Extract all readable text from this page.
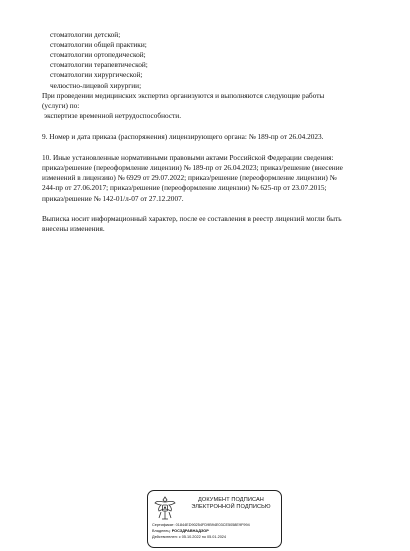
стоматологии детской;
стоматологии общей практики;
стоматологии ортопедической;
стоматологии терапевтической;
стоматологии хирургической;
челюстно-лицевой хирургии;
При проведении медицинских экспертиз организуются и выполняются следующие работы
(услуги) по:
экспертизе временной нетрудоспособности.
9. Номер и дата приказа (распоряжения) лицензирующего органа: № 189-пр от 26.04.2023.
10. Иные установленные нормативными правовыми актами Российской Федерации сведения:
приказ/решение (переоформление лицензии) № 189-пр от 26.04.2023; приказ/решение (внесение
изменений в лицензию) № 6929 от 29.07.2022; приказ/решение (переоформление лицензии) №
244-пр от 27.06.2017; приказ/решение (переоформление лицензии) № 625-пр от 23.07.2015;
приказ/решение № 142-01/л-07 от 27.12.2007.
Выписка носит информационный характер, после ее составления в реестр лицензий могли быть
внесены изменения.
ДОКУМЕНТ ПОДПИСАН
ЭЛЕКТРОННОЙ ПОДПИСЬЮ
Сертификат: 01844ED90254FD9B94E03CE5058E9F994
Владелец: РОСЗДРАВНАДЗОР
Действителен: с 05.10.2022 по 05.01.2024
